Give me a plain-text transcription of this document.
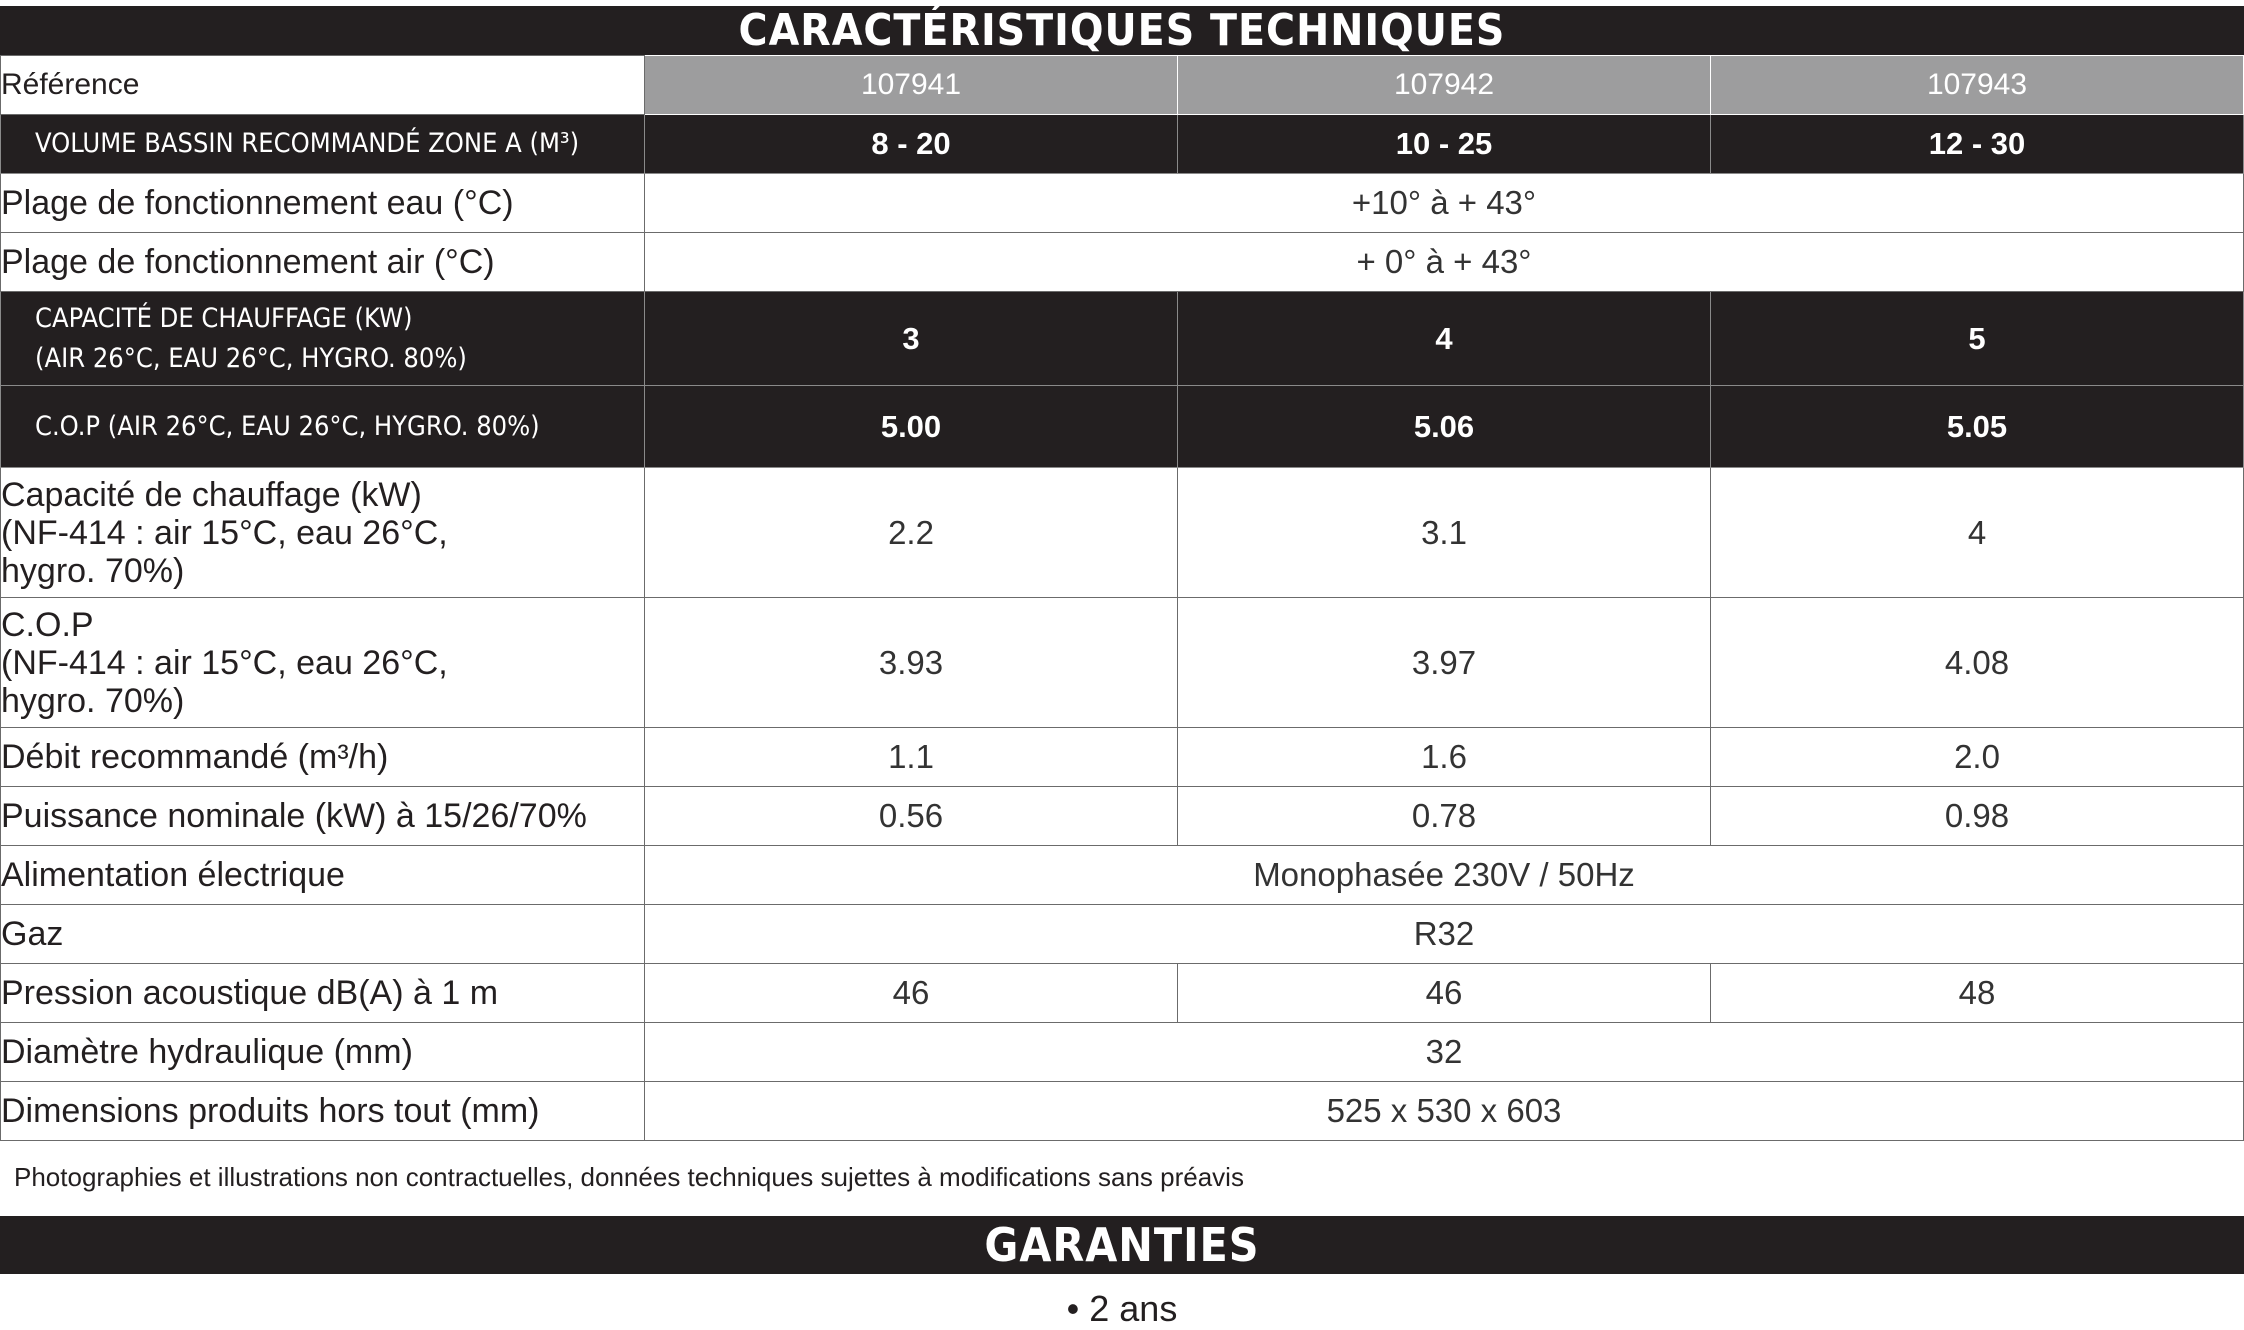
CARACTÉRISTIQUES TECHNIQUES
Référence	107941	107942	107943
VOLUME BASSIN RECOMMANDÉ ZONE A (M³)	8 - 20	10 - 25	12 - 30
Plage de fonctionnement eau (°C)	+10° à + 43°		
Plage de fonctionnement air (°C)	+ 0° à + 43°		

CAPACITÉ DE CHAUFFAGE (KW)
(AIR 26°C, EAU 26°C, HYGRO. 80%)	3	4	5
C.O.P (AIR 26°C, EAU 26°C, HYGRO. 80%)	5.00	5.06	5.05

Capacité de chauffage (kW)
(NF-414 : air 15°C, eau 26°C,
hygro. 70%)	2.2	3.1	4

C.O.P
(NF-414 : air 15°C, eau 26°C,
hygro. 70%)	3.93	3.97	4.08
Débit recommandé (m³/h)	1.1	1.6	2.0
Puissance nominale (kW) à 15/26/70%	0.56	0.78	0.98
Alimentation électrique	Monophasée 230V / 50Hz		
Gaz	R32		
Pression acoustique dB(A) à 1 m	46	46	48
Diamètre hydraulique (mm)	32		
Dimensions produits hors tout (mm)	525 x 530 x 603		
Photographies et illustrations non contractuelles, données techniques sujettes à modifications sans préavis
GARANTIES
• 2 ans
